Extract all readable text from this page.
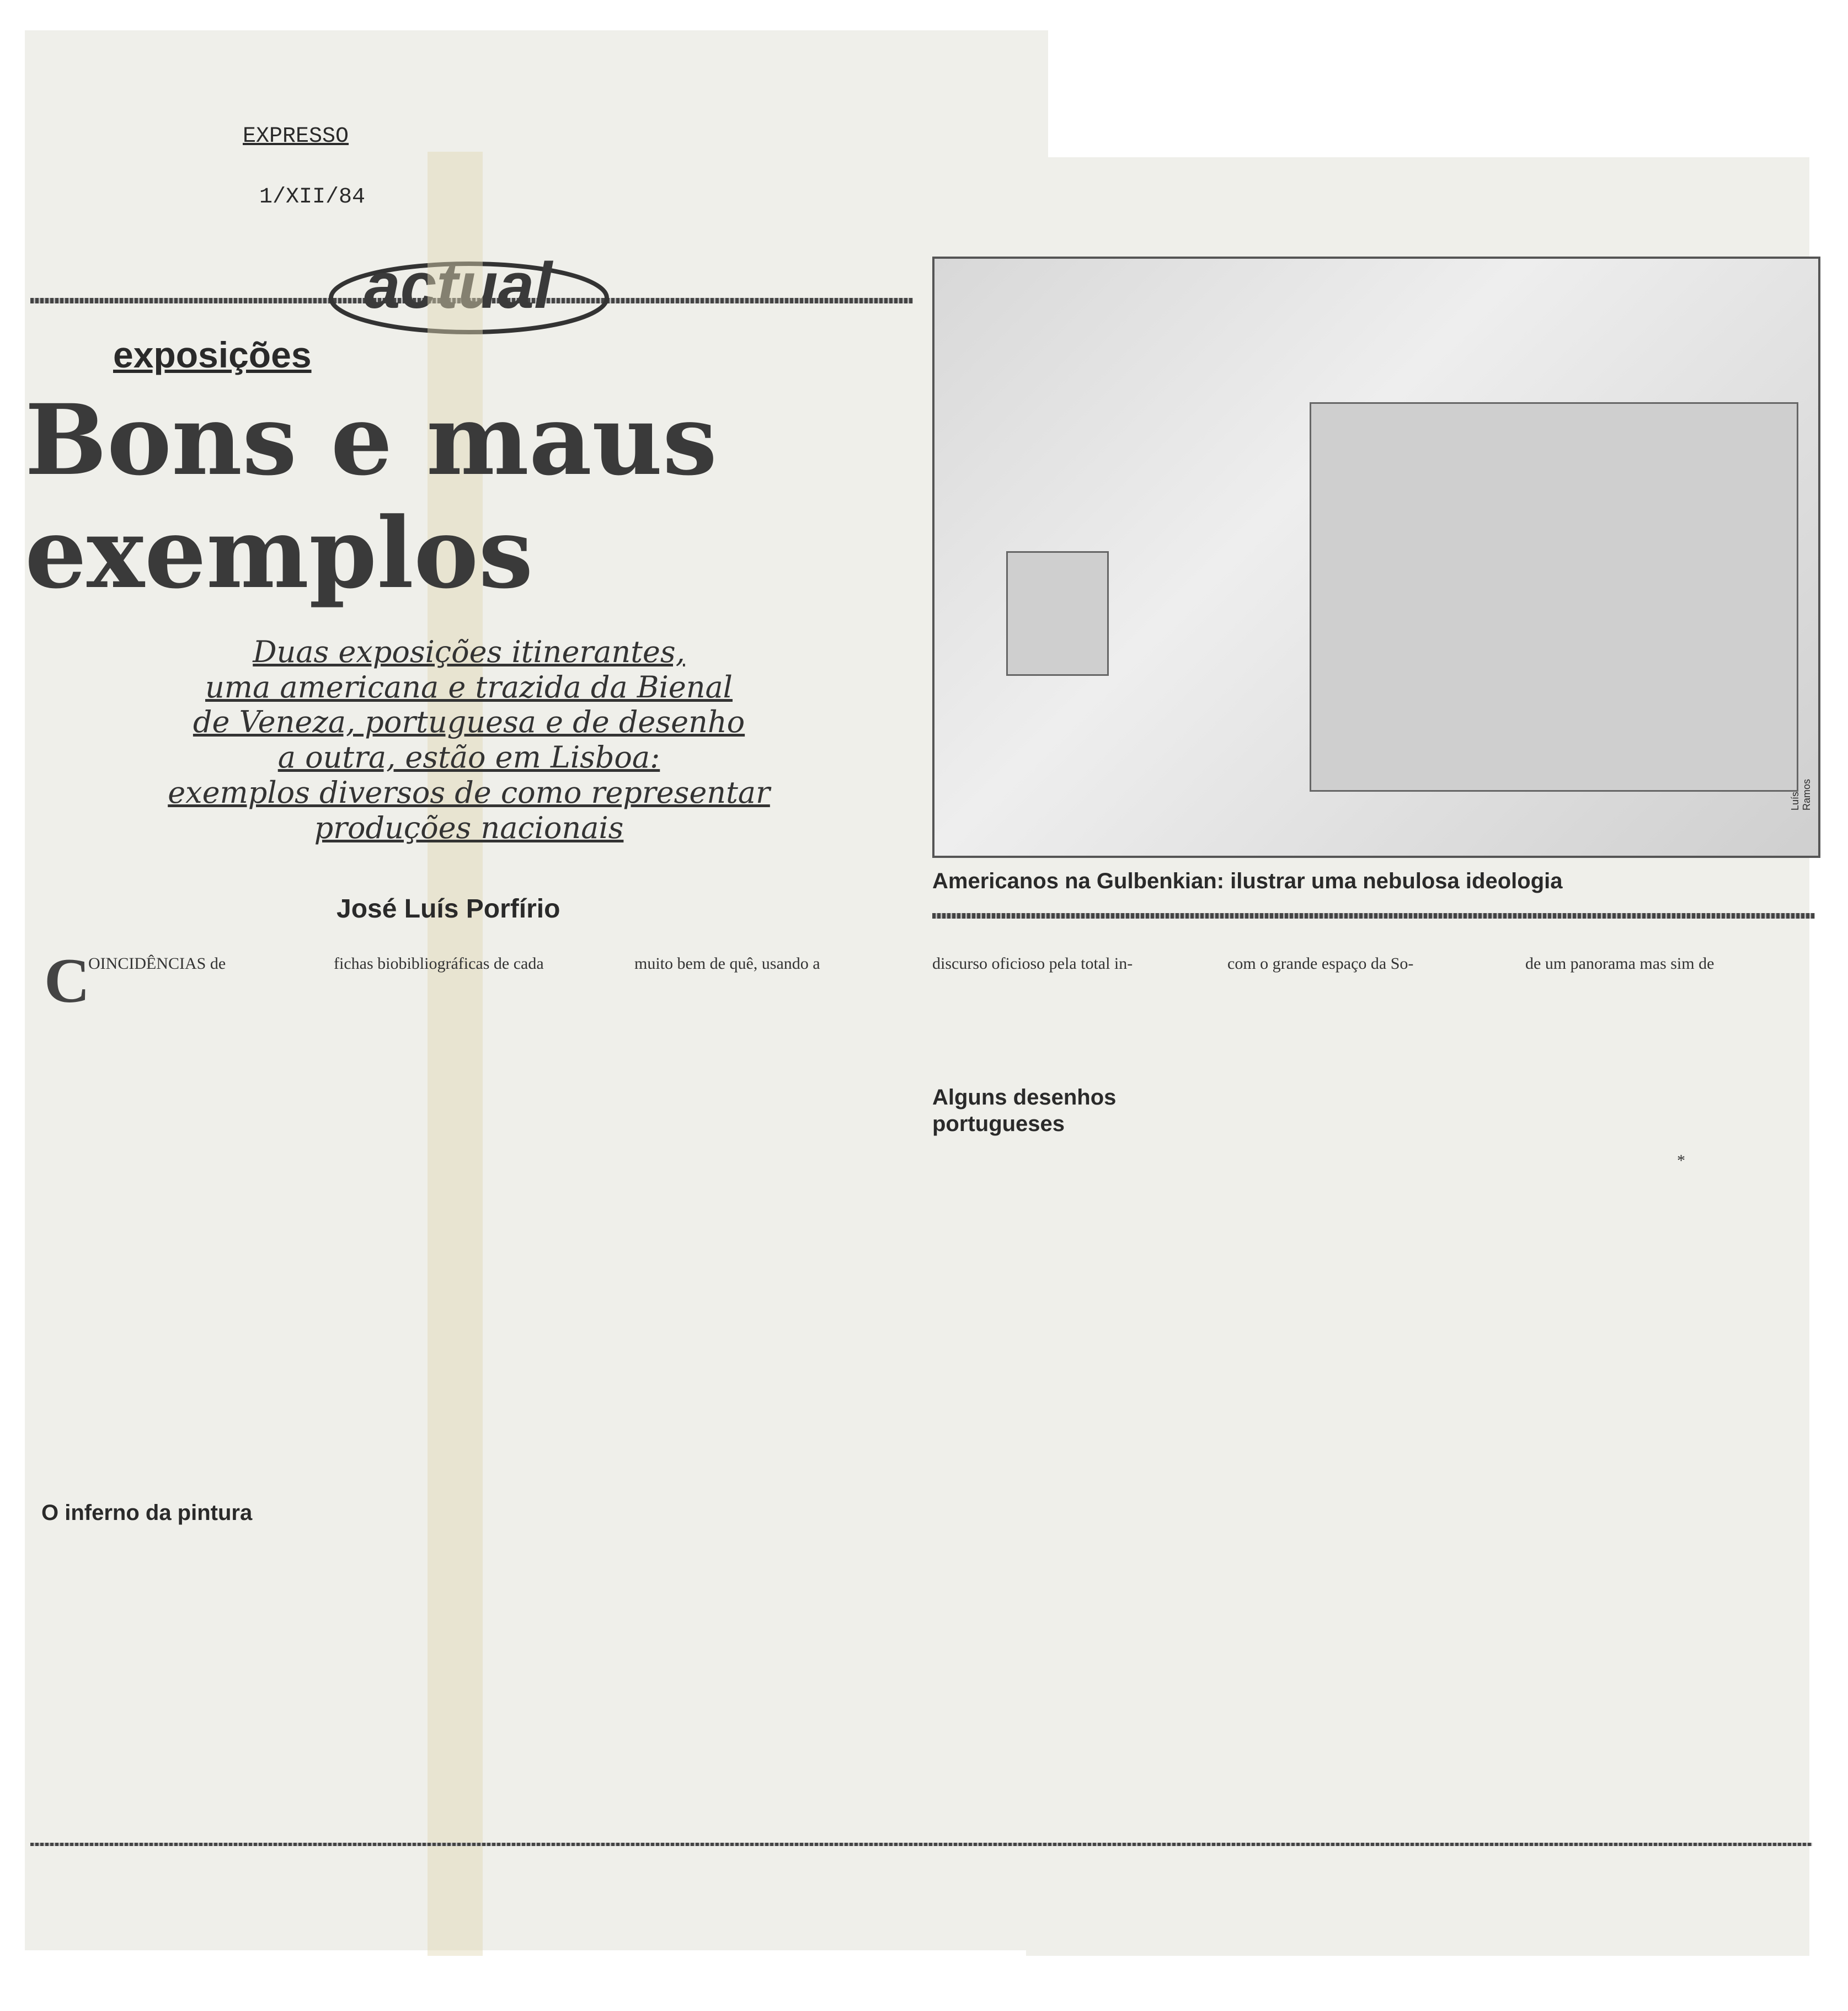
EXPRESSO
1/XII/84
actual
exposições
Bons e maus
exemplos
Duas exposições itinerantes,
uma americana e trazida da Bienal
de Veneza, portuguesa e de desenho
a outra, estão em Lisboa:
exemplos diversos de como representar
produções nacionais
José Luís Porfírio
Luís Ramos
Americanos na Gulbenkian: ilustrar uma nebulosa ideologia
C
OINCIDÊNCIAS de
O inferno da pintura
fichas biobibliográficas de cada	muito bem de quê, usando a	discurso oficioso pela total in-
Alguns desenhos portugueses
com o grande espaço da So-	de um panorama mas sim de
*
